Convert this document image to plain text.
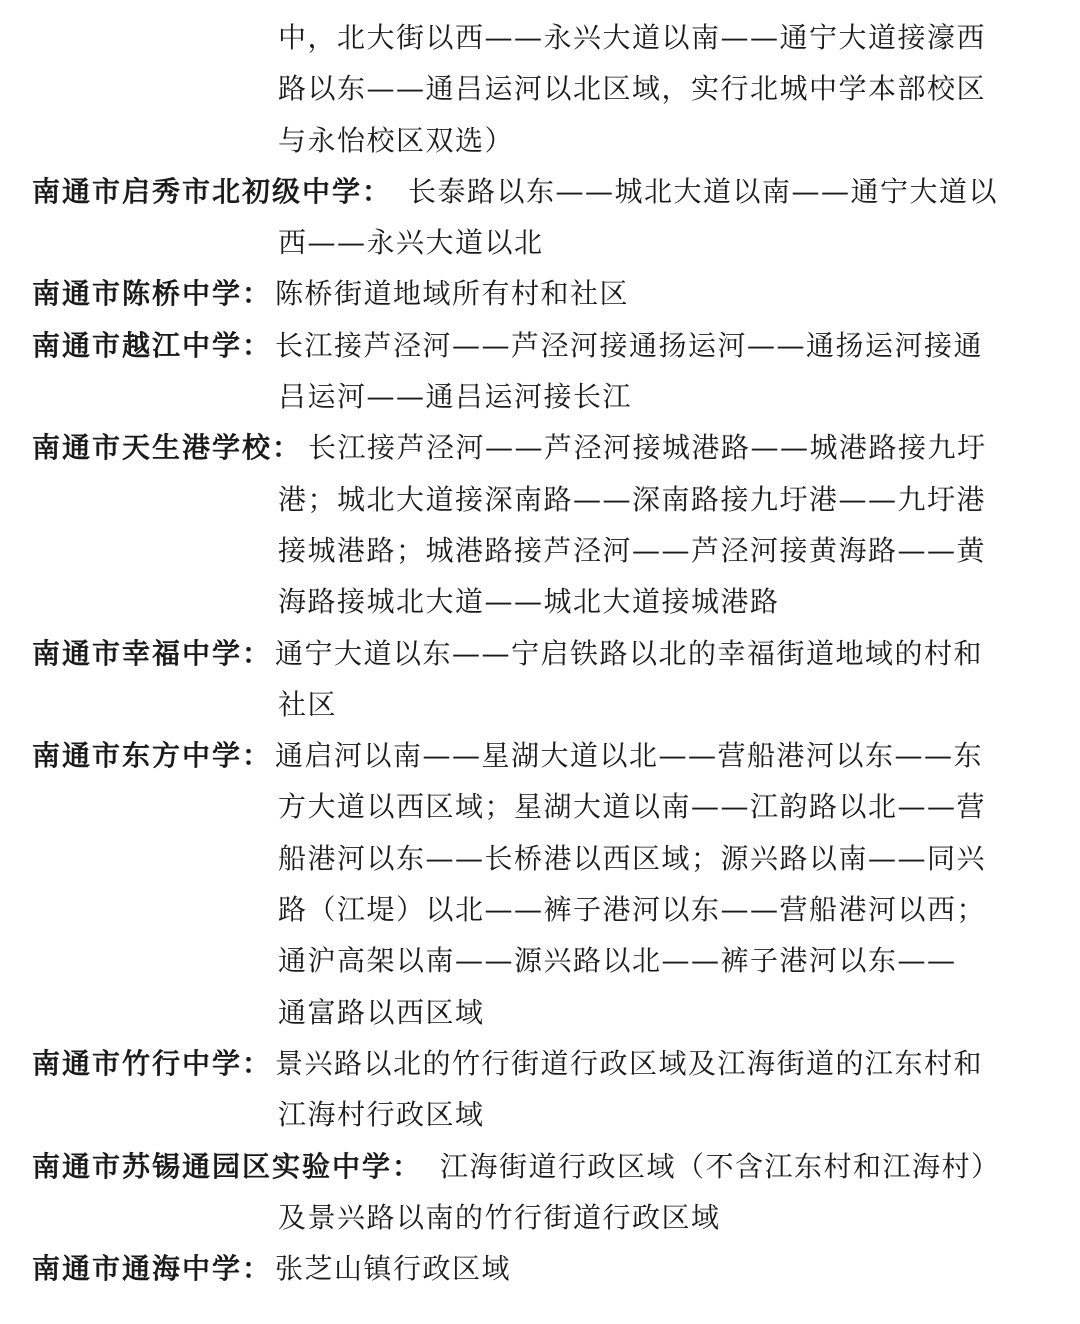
中，北大街以西——永兴大道以南——通宁大道接濠西
路以东——通吕运河以北区域，实行北城中学本部校区
与永怡校区双选）
南通市启秀市北初级中学： 长泰路以东——城北大道以南——通宁大道以
西——永兴大道以北
南通市陈桥中学： 陈桥街道地域所有村和社区
南通市越江中学： 长江接芦泾河——芦泾河接通扬运河——通扬运河接通
吕运河——通吕运河接长江
南通市天生港学校： 长江接芦泾河——芦泾河接城港路——城港路接九圩
港；城北大道接深南路——深南路接九圩港——九圩港
接城港路；城港路接芦泾河——芦泾河接黄海路——黄
海路接城北大道——城北大道接城港路
南通市幸福中学： 通宁大道以东——宁启铁路以北的幸福街道地域的村和
社区
南通市东方中学： 通启河以南——星湖大道以北——营船港河以东——东
方大道以西区域；星湖大道以南——江韵路以北——营
船港河以东——长桥港以西区域；源兴路以南——同兴
路（江堤）以北——裤子港河以东——营船港河以西；
通沪高架以南——源兴路以北——裤子港河以东——
通富路以西区域
南通市竹行中学： 景兴路以北的竹行街道行政区域及江海街道的江东村和
江海村行政区域
南通市苏锡通园区实验中学： 江海街道行政区域（不含江东村和江海村）
及景兴路以南的竹行街道行政区域
南通市通海中学： 张芝山镇行政区域
